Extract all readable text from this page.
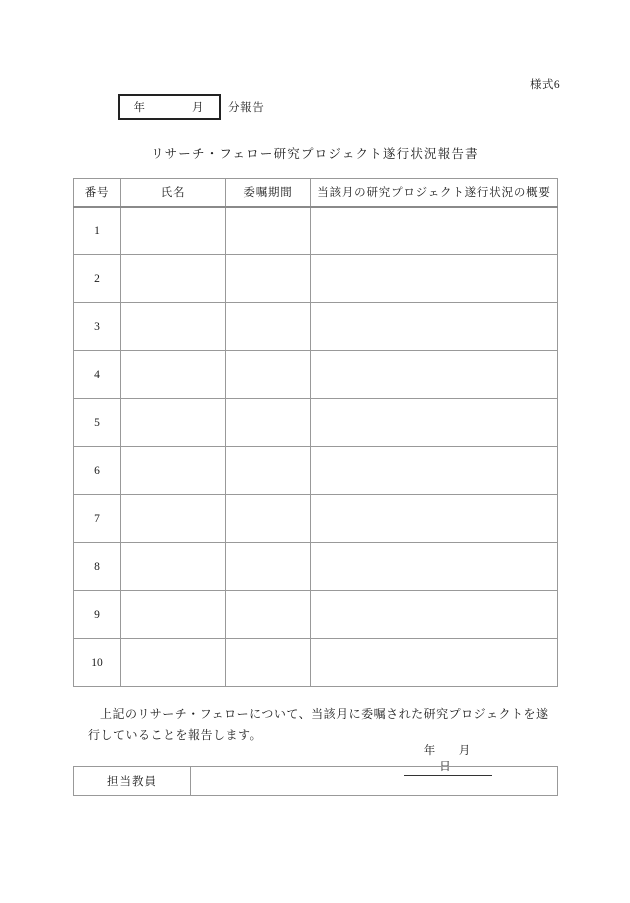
様式6
年　　月 分報告
リサーチ・フェロー研究プロジェクト遂行状況報告書
番号	氏名	委嘱期間	当該月の研究プロジェクト遂行状況の概要
1			
2			
3			
4			
5			
6			
7			
8			
9			
10			
上記のリサーチ・フェローについて、当該月に委嘱された研究プロジェクトを遂行していることを報告します。
年　月　日
担当教員	
